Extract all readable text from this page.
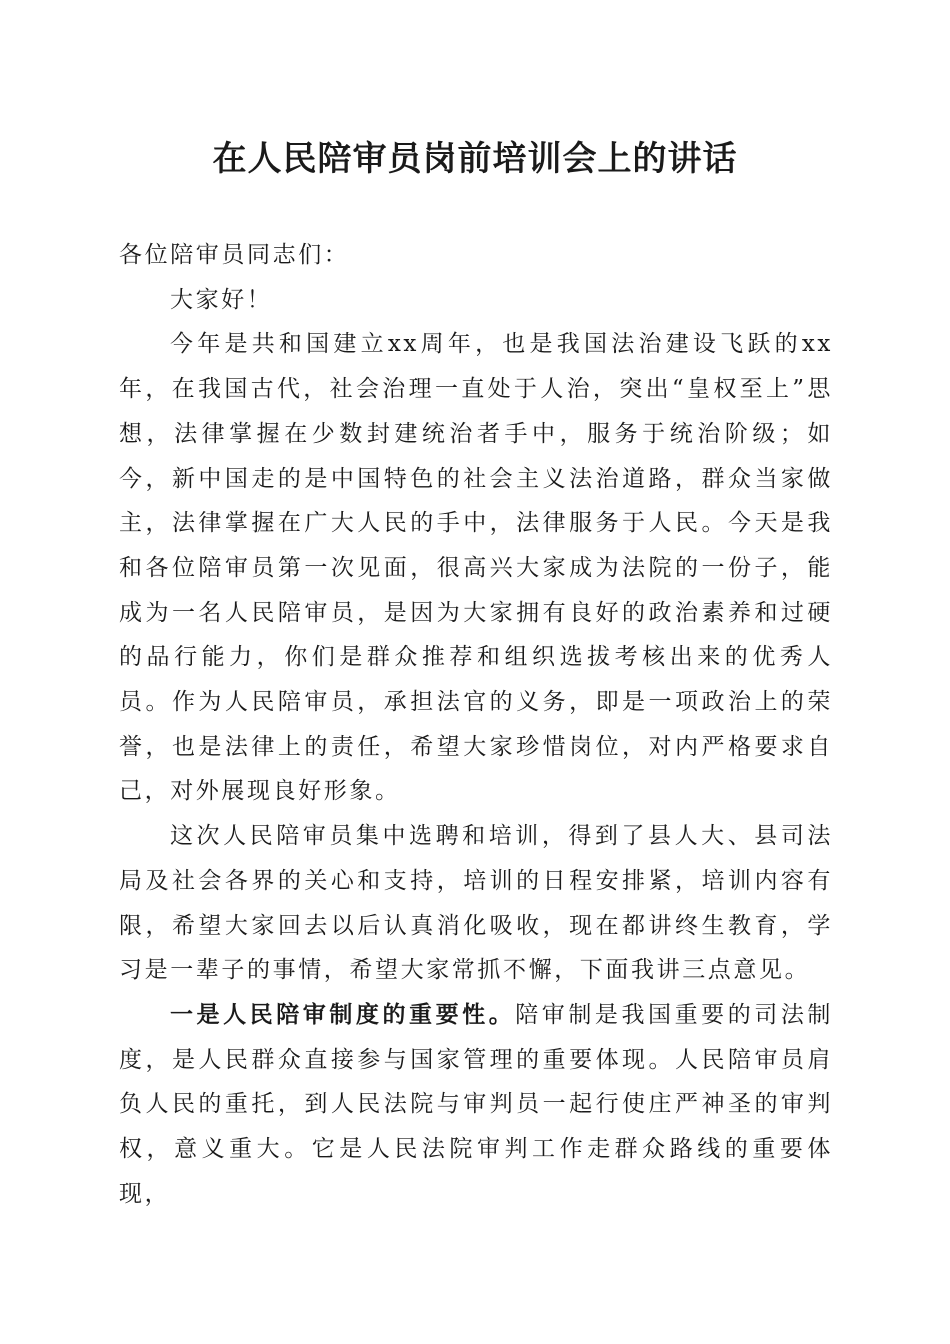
在人民陪审员岗前培训会上的讲话

各位陪审员同志们：

大家好！

今年是共和国建立xx周年，也是我国法治建设飞跃的xx年，在我国古代，社会治理一直处于人治，突出“皇权至上”思想，法律掌握在少数封建统治者手中，服务于统治阶级；如今，新中国走的是中国特色的社会主义法治道路，群众当家做主，法律掌握在广大人民的手中，法律服务于人民。今天是我和各位陪审员第一次见面，很高兴大家成为法院的一份子，能成为一名人民陪审员，是因为大家拥有良好的政治素养和过硬的品行能力，你们是群众推荐和组织选拔考核出来的优秀人员。作为人民陪审员，承担法官的义务，即是一项政治上的荣誉，也是法律上的责任，希望大家珍惜岗位，对内严格要求自己，对外展现良好形象。

这次人民陪审员集中选聘和培训，得到了县人大、县司法局及社会各界的关心和支持，培训的日程安排紧，培训内容有限，希望大家回去以后认真消化吸收，现在都讲终生教育，学习是一辈子的事情，希望大家常抓不懈，下面我讲三点意见。

一是人民陪审制度的重要性。陪审制是我国重要的司法制度，是人民群众直接参与国家管理的重要体现。人民陪审员肩负人民的重托，到人民法院与审判员一起行使庄严神圣的审判权，意义重大。它是人民法院审判工作走群众路线的重要体现，
